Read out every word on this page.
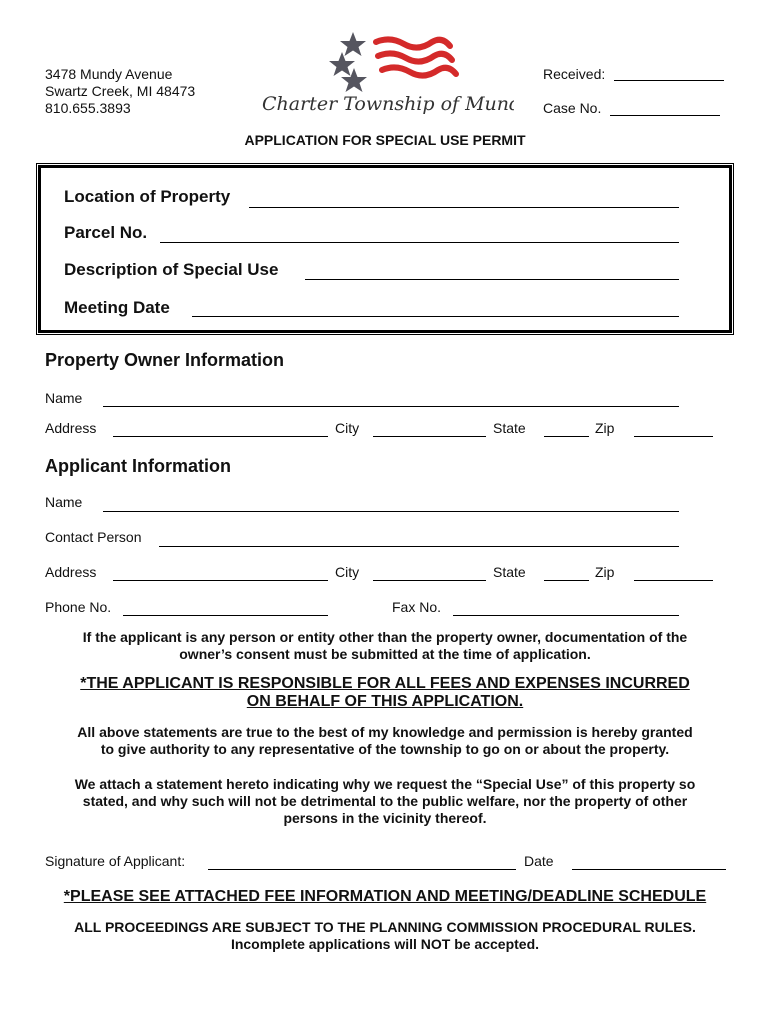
3478 Mundy Avenue
Swartz Creek, MI 48473
810.655.3893	Charter Township of Mundy
Received:
Case No.
APPLICATION FOR SPECIAL USE PERMIT
Location of Property
Parcel No.
Description of Special Use
Meeting Date
Property Owner Information
Name
Address	City	State	Zip
Applicant Information
Name
Contact Person
Address	City	State	Zip
Phone No.	Fax No.
If the applicant is any person or entity other than the property owner, documentation of the
owner’s consent must be submitted at the time of application.
*THE APPLICANT IS RESPONSIBLE FOR ALL FEES AND EXPENSES INCURRED
ON BEHALF OF THIS APPLICATION.
All above statements are true to the best of my knowledge and permission is hereby granted
to give authority to any representative of the township to go on or about the property.
We attach a statement hereto indicating why we request the “Special Use” of this property so
stated, and why such will not be detrimental to the public welfare, nor the property of other
persons in the vicinity thereof.
Signature of Applicant:	Date
*PLEASE SEE ATTACHED FEE INFORMATION AND MEETING/DEADLINE SCHEDULE
ALL PROCEEDINGS ARE SUBJECT TO THE PLANNING COMMISSION PROCEDURAL RULES.
Incomplete applications will NOT be accepted.
